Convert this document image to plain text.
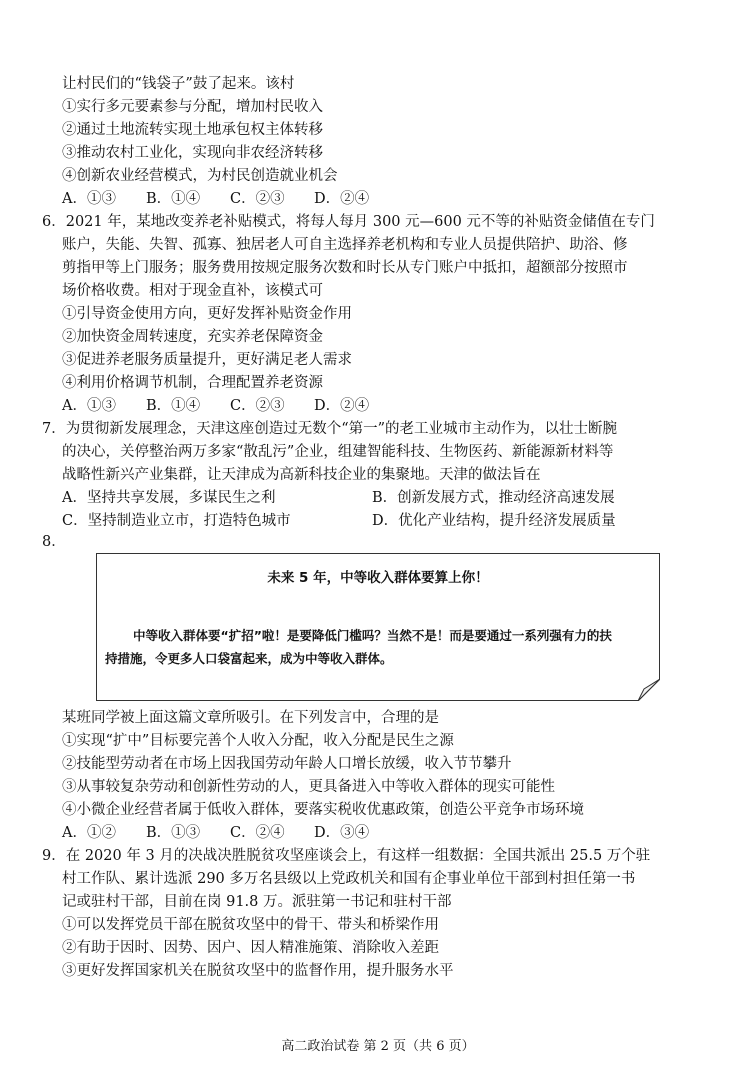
让村民们的“钱袋子”鼓了起来。该村
①实行多元要素参与分配，增加村民收入
②通过土地流转实现土地承包权主体转移
③推动农村工业化，实现向非农经济转移
④创新农业经营模式，为村民创造就业机会
A．①③ B．①④ C．②③ D．②④
6．2021 年，某地改变养老补贴模式，将每人每月 300 元—600 元不等的补贴资金储值在专门
账户，失能、失智、孤寡、独居老人可自主选择养老机构和专业人员提供陪护、助浴、修
剪指甲等上门服务；服务费用按规定服务次数和时长从专门账户中抵扣，超额部分按照市
场价格收费。相对于现金直补，该模式可
①引导资金使用方向，更好发挥补贴资金作用
②加快资金周转速度，充实养老保障资金
③促进养老服务质量提升，更好满足老人需求
④利用价格调节机制，合理配置养老资源
A．①③ B．①④ C．②③ D．②④
7．为贯彻新发展理念，天津这座创造过无数个“第一”的老工业城市主动作为，以壮士断腕
的决心，关停整治两万多家“散乱污”企业，组建智能科技、生物医药、新能源新材料等
战略性新兴产业集群，让天津成为高新科技企业的集聚地。天津的做法旨在
A．坚持共享发展，多谋民生之利	B．创新发展方式，推动经济高速发展
C．坚持制造业立市，打造特色城市	D．优化产业结构，提升经济发展质量
8．
未来 5 年，中等收入群体要算上你！
中等收入群体要“扩招”啦！是要降低门槛吗？当然不是！而是要通过一系列强有力的扶
持措施，令更多人口袋富起来，成为中等收入群体。
某班同学被上面这篇文章所吸引。在下列发言中，合理的是
①实现“扩中”目标要完善个人收入分配，收入分配是民生之源
②技能型劳动者在市场上因我国劳动年龄人口增长放缓，收入节节攀升
③从事较复杂劳动和创新性劳动的人，更具备进入中等收入群体的现实可能性
④小微企业经营者属于低收入群体，要落实税收优惠政策，创造公平竞争市场环境
A．①② B．①③ C．②④ D．③④
9．在 2020 年 3 月的决战决胜脱贫攻坚座谈会上，有这样一组数据：全国共派出 25.5 万个驻
村工作队、累计选派 290 多万名县级以上党政机关和国有企事业单位干部到村担任第一书
记或驻村干部，目前在岗 91.8 万。派驻第一书记和驻村干部
①可以发挥党员干部在脱贫攻坚中的骨干、带头和桥梁作用
②有助于因时、因势、因户、因人精准施策、消除收入差距
③更好发挥国家机关在脱贫攻坚中的监督作用，提升服务水平
高二政治试卷 第 2 页（共 6 页）
